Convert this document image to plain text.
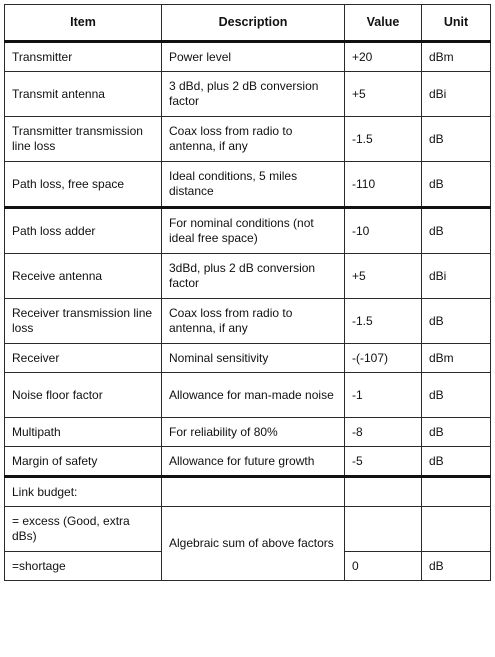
Item	Description	Value	Unit
Transmitter	Power level	+20	dBm
Transmit antenna	3 dBd, plus 2 dB conversion factor	+5	dBi
Transmitter transmission line loss	Coax loss from radio to antenna, if any	-1.5	dB
Path loss, free space	Ideal conditions, 5 miles distance	-110	dB
Path loss adder	For nominal conditions (not ideal free space)	-10	dB
Receive antenna	3dBd, plus 2 dB conversion factor	+5	dBi
Receiver transmission line loss	Coax loss from radio to antenna, if any	-1.5	dB
Receiver	Nominal sensitivity	-(-107)	dBm
Noise floor factor	Allowance for man-made noise	-1	dB
Multipath	For reliability of 80%	-8	dB
Margin of safety	Allowance for future growth	-5	dB
Link budget:			
= excess (Good, extra dBs)	Algebraic sum of above factors		
=shortage		0	dB
